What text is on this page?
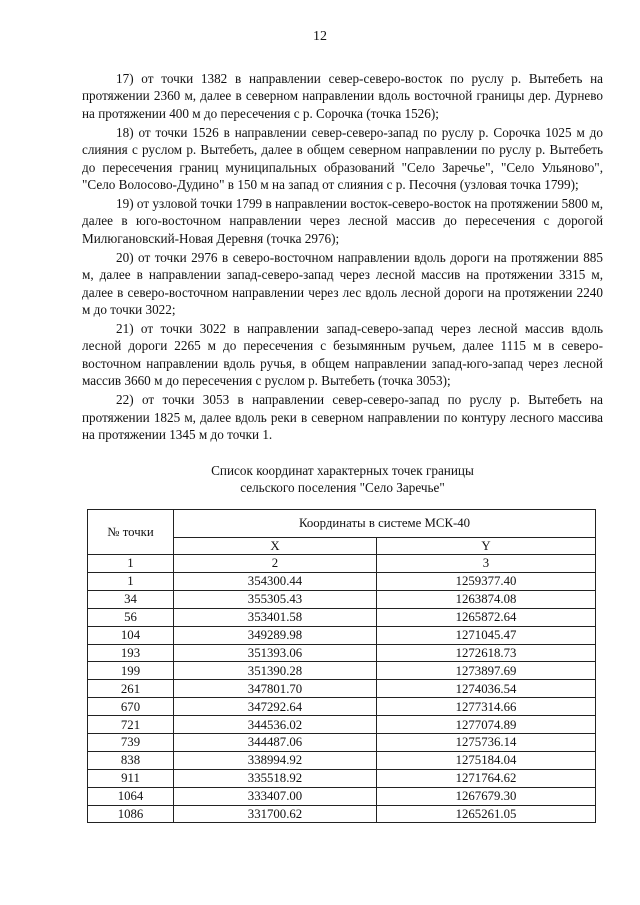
12

17) от точки 1382 в направлении север-северо-восток по руслу р. Вытебеть на протяжении 2360 м, далее в северном направлении вдоль восточной границы дер. Дурнево на протяжении 400 м до пересечения с р. Сорочка (точка 1526);

18) от точки 1526 в направлении север-северо-запад по руслу р. Сорочка 1025 м до слияния с руслом р. Вытебеть, далее в общем северном направлении по руслу р. Вытебеть до пересечения границ муниципальных образований "Село Заречье", "Село Ульяново", "Село Волосово-Дудино" в 150 м на запад от слияния с р. Песочня (узловая точка 1799);

19) от узловой точки 1799 в направлении восток-северо-восток на протяжении 5800 м, далее в юго-восточном направлении через лесной массив до пересечения с дорогой Милюгановский-Новая Деревня (точка 2976);

20) от точки 2976 в северо-восточном направлении вдоль дороги на протяжении 885 м, далее в направлении запад-северо-запад через лесной массив на протяжении 3315 м, далее в северо-восточном направлении через лес вдоль лесной дороги на протяжении 2240 м до точки 3022;

21) от точки 3022 в направлении запад-северо-запад через лесной массив вдоль лесной дороги 2265 м до пересечения с безымянным ручьем, далее 1115 м в северо-восточном направлении вдоль ручья, в общем направлении запад-юго-запад через лесной массив 3660 м до пересечения с руслом р. Вытебеть (точка 3053);

22) от точки 3053 в направлении север-северо-запад по руслу р. Вытебеть на протяжении 1825 м, далее вдоль реки в северном направлении по контуру лесного массива на протяжении 1345 м до точки 1.

Список координат характерных точек границы
сельского поселения "Село Заречье"
№ точки	Координаты в системе МСК-40	
	X	Y
1	2	3
1	354300.44	1259377.40
34	355305.43	1263874.08
56	353401.58	1265872.64
104	349289.98	1271045.47
193	351393.06	1272618.73
199	351390.28	1273897.69
261	347801.70	1274036.54
670	347292.64	1277314.66
721	344536.02	1277074.89
739	344487.06	1275736.14
838	338994.92	1275184.04
911	335518.92	1271764.62
1064	333407.00	1267679.30
1086	331700.62	1265261.05
